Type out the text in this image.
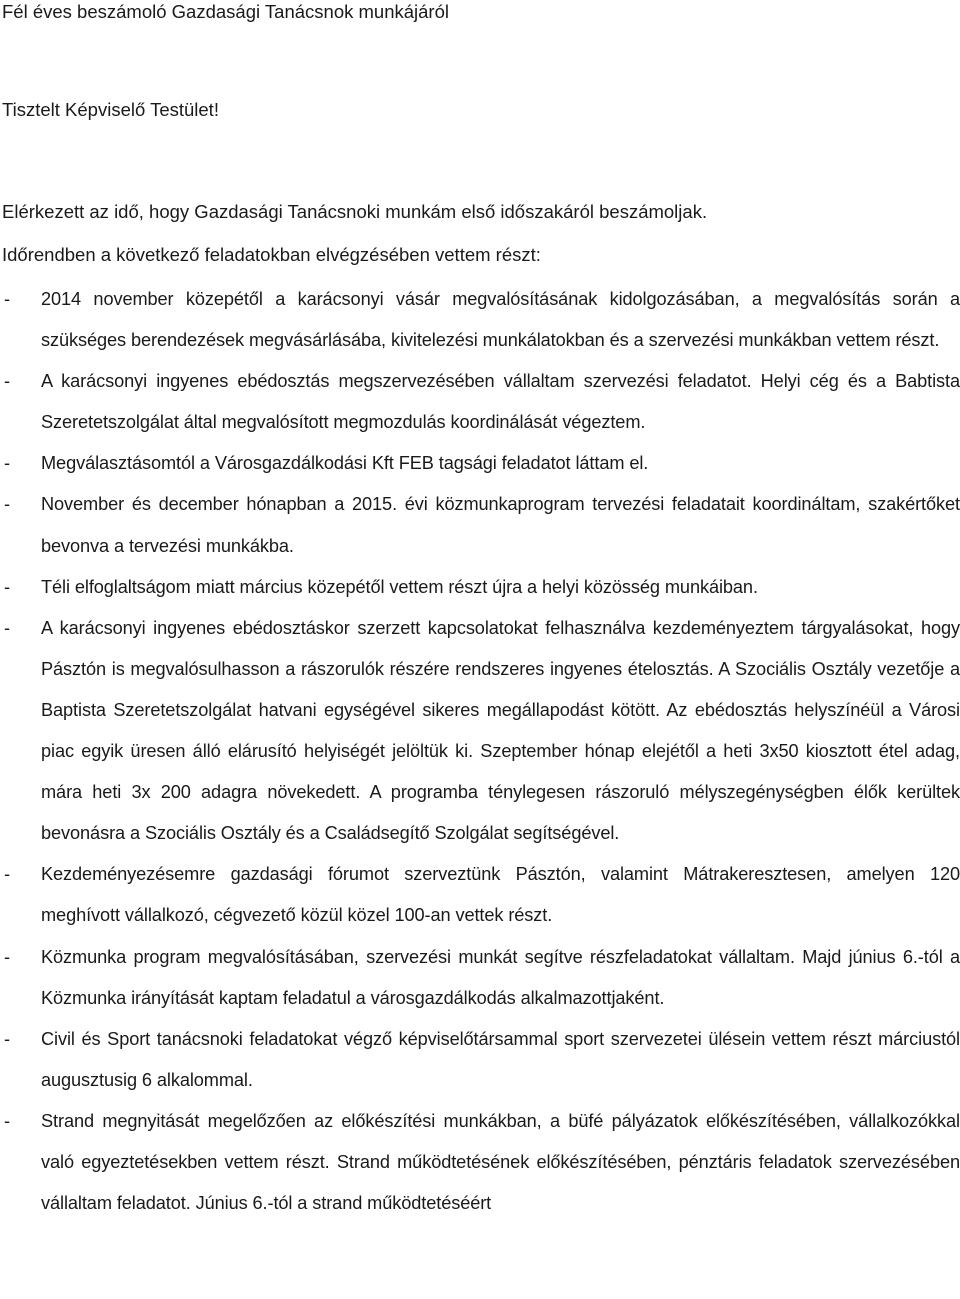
Fél éves beszámoló Gazdasági Tanácsnok munkájáról
Tisztelt Képviselő Testület!
Elérkezett az idő, hogy Gazdasági Tanácsnoki munkám első időszakáról beszámoljak.
Időrendben a következő feladatokban elvégzésében vettem részt:
- 2014 november közepétől a karácsonyi vásár megvalósításának kidolgozásában, a megvalósítás során a szükséges berendezések megvásárlásába, kivitelezési munkálatokban és a szervezési munkákban vettem részt.
- A karácsonyi ingyenes ebédosztás megszervezésében vállaltam szervezési feladatot. Helyi cég és a Babtista Szeretetszolgálat által megvalósított megmozdulás koordinálását végeztem.
- Megválasztásomtól a Városgazdálkodási Kft FEB tagsági feladatot láttam el.
- November és december hónapban a 2015. évi közmunkaprogram tervezési feladatait koordináltam, szakértőket bevonva a tervezési munkákba.
- Téli elfoglaltságom miatt március közepétől vettem részt újra a helyi közösség munkáiban.
- A karácsonyi ingyenes ebédosztáskor szerzett kapcsolatokat felhasználva kezdeményeztem tárgyalásokat, hogy Pásztón is megvalósulhasson a rászorulók részére rendszeres ingyenes ételosztás. A Szociális Osztály vezetője a Baptista Szeretetszolgálat hatvani egységével sikeres megállapodást kötött. Az ebédosztás helyszínéül a Városi piac egyik üresen álló elárusító helyiségét jelöltük ki. Szeptember hónap elejétől a heti 3x50 kiosztott étel adag, mára heti 3x 200 adagra növekedett. A programba ténylegesen rászoruló mélyszegénységben élők kerültek bevonásra a Szociális Osztály és a Családsegítő Szolgálat segítségével.
- Kezdeményezésemre gazdasági fórumot szerveztünk Pásztón, valamint Mátrakeresztesen, amelyen 120 meghívott vállalkozó, cégvezető közül közel 100-an vettek részt.
- Közmunka program megvalósításában, szervezési munkát segítve részfeladatokat vállaltam. Majd június 6.-tól a Közmunka irányítását kaptam feladatul a városgazdálkodás alkalmazottjaként.
- Civil és Sport tanácsnoki feladatokat végző képviselőtársammal sport szervezetei ülésein vettem részt márciustól augusztusig 6 alkalommal.
- Strand megnyitását megelőzően az előkészítési munkákban, a büfé pályázatok előkészítésében, vállalkozókkal való egyeztetésekben vettem részt. Strand működtetésének előkészítésében, pénztáris feladatok szervezésében vállaltam feladatot. Június 6.-tól a strand működtetéséért
